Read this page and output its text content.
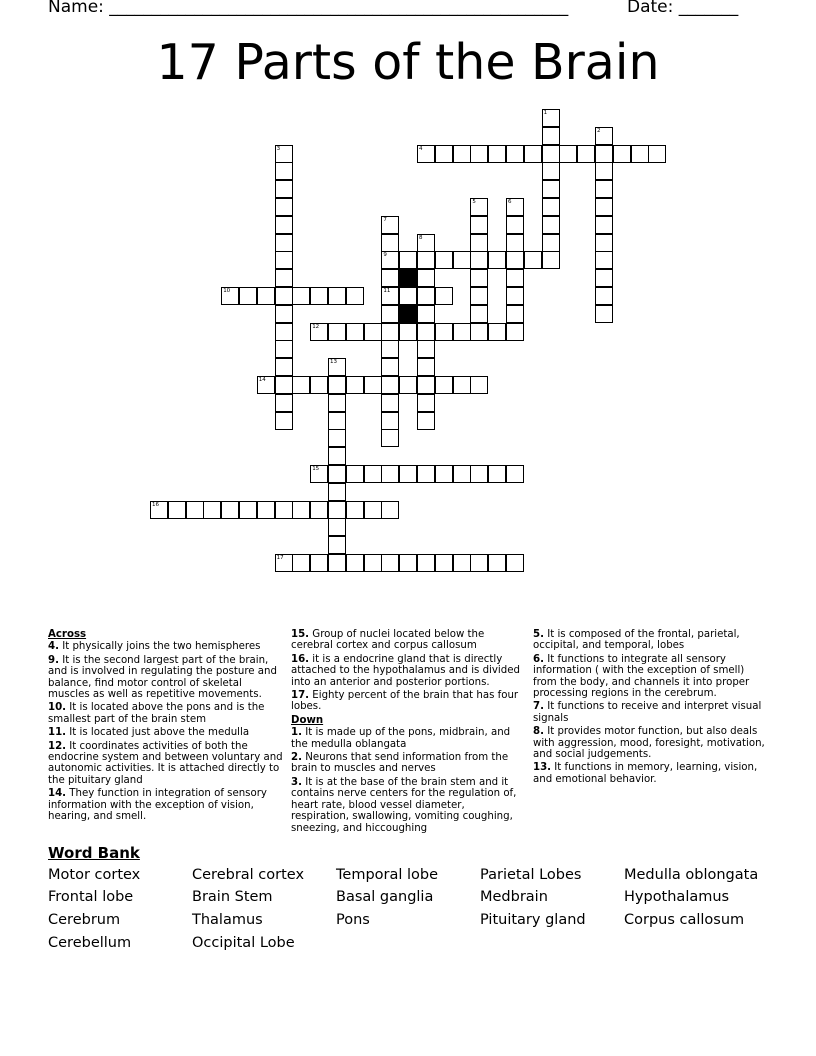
Name: ______________________________________________________	Date: _______
17 Parts of the Brain
1
2
3	4
5	6
7
9
11
8
10
12
13
14
15
16
17
Across
4. It physically joins the two hemispheres
9. It is the second largest part of the brain, and is involved in regulating the posture and balance, find motor control of skeletal muscles as well as repetitive movements.
10. It is located above the pons and is the smallest part of the brain stem
11. It is located just above the medulla
12. It coordinates activities of both the endocrine system and between voluntary and autonomic activities. It is attached directly to the pituitary gland
14. They function in integration of sensory information with the exception of vision, hearing, and smell.
15. Group of nuclei located below the cerebral cortex and corpus callosum
16. it is a endocrine gland that is directly attached to the hypothalamus and is divided into an anterior and posterior portions.
17. Eighty percent of the brain that has four lobes.
Down
1. It is made up of the pons, midbrain, and the medulla oblangata
2. Neurons that send information from the brain to muscles and nerves
3. It is at the base of the brain stem and it contains nerve centers for the regulation of, heart rate, blood vessel diameter, respiration, swallowing, vomiting coughing, sneezing, and hiccoughing
5. It is composed of the frontal, parietal, occipital, and temporal, lobes
6. It functions to integrate all sensory information ( with the exception of smell) from the body, and channels it into proper processing regions in the cerebrum.
7. It functions to receive and interpret visual signals
8. It provides motor function, but also deals with aggression, mood, foresight, motivation, and social judgements.
13. It functions in memory, learning, vision, and emotional behavior.
Word Bank
Motor cortex
Frontal lobe
Cerebrum
Cerebellum
Cerebral cortex
Brain Stem
Thalamus
Occipital Lobe
Temporal lobe
Basal ganglia
Pons
Parietal Lobes
Medbrain
Pituitary gland
Medulla oblongata
Hypothalamus
Corpus callosum
